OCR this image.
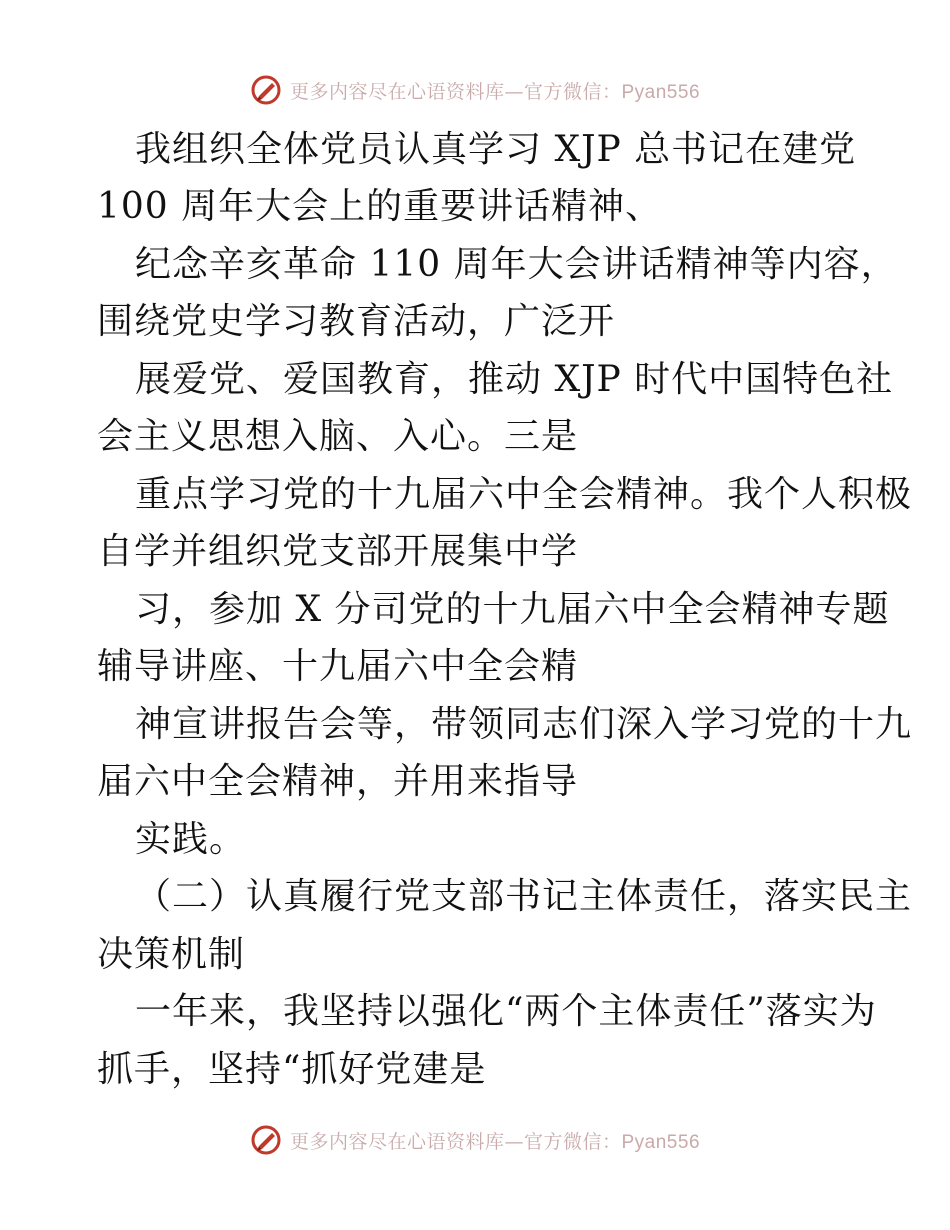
更多内容尽在心语资料库—官方微信：Pyan556
我组织全体党员认真学习 XJP 总书记在建党
100 周年大会上的重要讲话精神、
纪念辛亥革命 110 周年大会讲话精神等内容，
围绕党史学习教育活动，广泛开
展爱党、爱国教育，推动 XJP 时代中国特色社
会主义思想入脑、入心。三是
重点学习党的十九届六中全会精神。我个人积极
自学并组织党支部开展集中学
习，参加 X 分司党的十九届六中全会精神专题
辅导讲座、十九届六中全会精
神宣讲报告会等，带领同志们深入学习党的十九
届六中全会精神，并用来指导
实践。
（二）认真履行党支部书记主体责任，落实民主
决策机制
一年来，我坚持以强化“两个主体责任”落实为
抓手，坚持“抓好党建是
更多内容尽在心语资料库—官方微信：Pyan556
